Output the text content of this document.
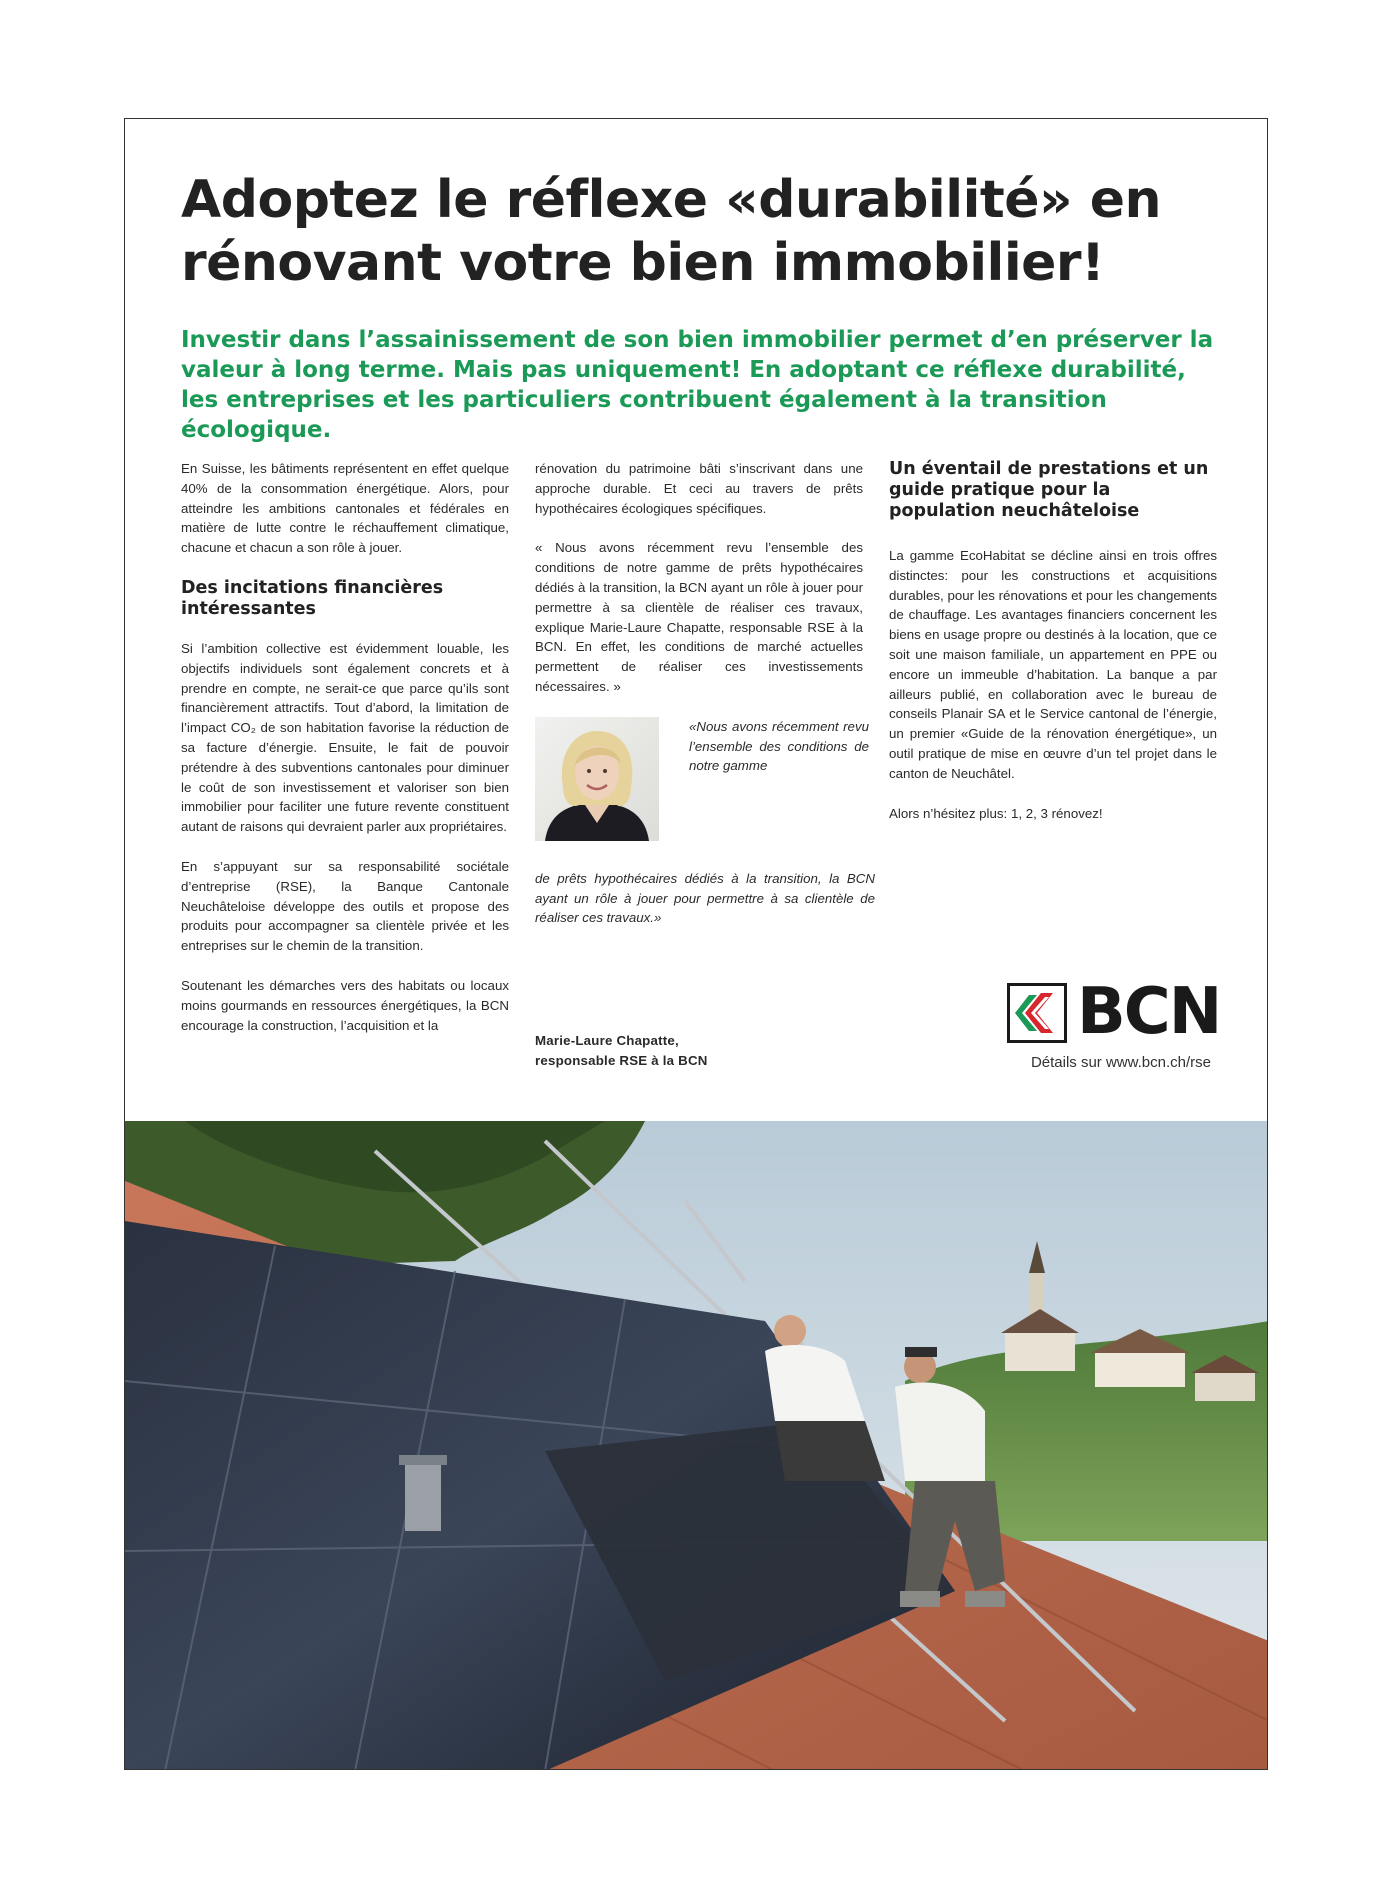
Adoptez le réflexe «durabilité» en rénovant votre bien immobilier!

Investir dans l’assainissement de son bien immobilier permet d’en préserver la valeur à long terme. Mais pas uniquement! En adoptant ce réflexe durabilité, les entreprises et les particuliers contribuent également à la transition écologique.

En Suisse, les bâtiments représentent en effet quelque 40% de la consommation énergétique. Alors, pour atteindre les ambitions cantonales et fédérales en matière de lutte contre le réchauffement climatique, chacune et chacun a son rôle à jouer.

Des incitations financières intéressantes

Si l’ambition collective est évidemment louable, les objectifs individuels sont également concrets et à prendre en compte, ne serait-ce que parce qu’ils sont financièrement attractifs. Tout d’abord, la limitation de l’impact CO₂ de son habitation favorise la réduction de sa facture d’énergie. Ensuite, le fait de pouvoir prétendre à des subventions cantonales pour diminuer le coût de son investissement et valoriser son bien immobilier pour faciliter une future revente constituent autant de raisons qui devraient parler aux propriétaires.

En s’appuyant sur sa responsabilité sociétale d’entreprise (RSE), la Banque Cantonale Neuchâteloise développe des outils et propose des produits pour accompagner sa clientèle privée et les entreprises sur le chemin de la transition.

Soutenant les démarches vers des habitats ou locaux moins gourmands en ressources énergétiques, la BCN encourage la construction, l’acquisition et la

rénovation du patrimoine bâti s’inscrivant dans une approche durable. Et ceci au travers de prêts hypothécaires écologiques spécifiques.

« Nous avons récemment revu l’ensemble des conditions de notre gamme de prêts hypothécaires dédiés à la transition, la BCN ayant un rôle à jouer pour permettre à sa clientèle de réaliser ces travaux, explique Marie-Laure Chapatte, responsable RSE à la BCN. En effet, les conditions de marché actuelles permettent de réaliser ces investissements nécessaires. »

«Nous avons récemment revu l’ensemble des conditions de notre gamme

de prêts hypothécaires dédiés à la transition, la BCN ayant un rôle à jouer pour permettre à sa clientèle de réaliser ces travaux.»

Marie-Laure Chapatte,
responsable RSE à la BCN

Un éventail de prestations et un guide pratique pour la population neuchâteloise

La gamme EcoHabitat se décline ainsi en trois offres distinctes: pour les constructions et acquisitions durables, pour les rénovations et pour les changements de chauffage. Les avantages financiers concernent les biens en usage propre ou destinés à la location, que ce soit une maison familiale, un appartement en PPE ou encore un immeuble d’habitation. La banque a par ailleurs publié, en collaboration avec le bureau de conseils Planair SA et le Service cantonal de l’énergie, un premier «Guide de la rénovation énergétique», un outil pratique de mise en œuvre d’un tel projet dans le canton de Neuchâtel.

Alors n’hésitez plus: 1, 2, 3 rénovez!

BCN

Détails sur www.bcn.ch/rse
